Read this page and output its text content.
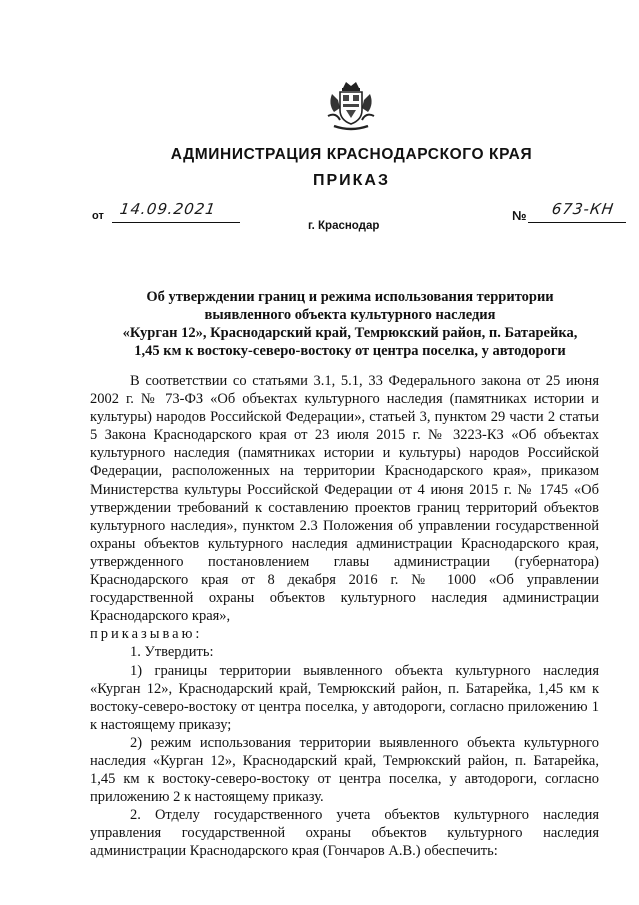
АДМИНИСТРАЦИЯ КРАСНОДАРСКОГО КРАЯ
ПРИКАЗ
от 14.09.2021
г. Краснодар
№ 673-КН
Об утверждении границ и режима использования территории
выявленного объекта культурного наследия
«Курган 12», Краснодарский край, Темрюкский район, п. Батарейка,
1,45 км к востоку-северо-востоку от центра поселка, у автодороги

В соответствии со статьями 3.1, 5.1, 33 Федерального закона от 25 июня 2002 г. № 73-ФЗ «Об объектах культурного наследия (памятниках истории и культуры) народов Российской Федерации», статьей 3, пунктом 29 части 2 статьи 5 Закона Краснодарского края от 23 июля 2015 г. № 3223-КЗ «Об объектах культурного наследия (памятниках истории и культуры) народов Российской Федерации, расположенных на территории Краснодарского края», приказом Министерства культуры Российской Федерации от 4 июня 2015 г. № 1745 «Об утверждении требований к составлению проектов границ территорий объектов культурного наследия», пунктом 2.3 Положения об управлении государственной охраны объектов культурного наследия администрации Краснодарского края, утвержденного постановлением главы администрации (губернатора) Краснодарского края от 8 декабря 2016 г. № 1000 «Об управлении государственной охраны объектов культурного наследия администрации Краснодарского края»,

приказываю:

1. Утвердить:

1) границы территории выявленного объекта культурного наследия «Курган 12», Краснодарский край, Темрюкский район, п. Батарейка, 1,45 км к востоку-северо-востоку от центра поселка, у автодороги, согласно приложению 1 к настоящему приказу;

2) режим использования территории выявленного объекта культурного наследия «Курган 12», Краснодарский край, Темрюкский район, п. Батарейка, 1,45 км к востоку-северо-востоку от центра поселка, у автодороги, согласно приложению 2 к настоящему приказу.

2. Отделу государственного учета объектов культурного наследия управления государственной охраны объектов культурного наследия администрации Краснодарского края (Гончаров А.В.) обеспечить:
